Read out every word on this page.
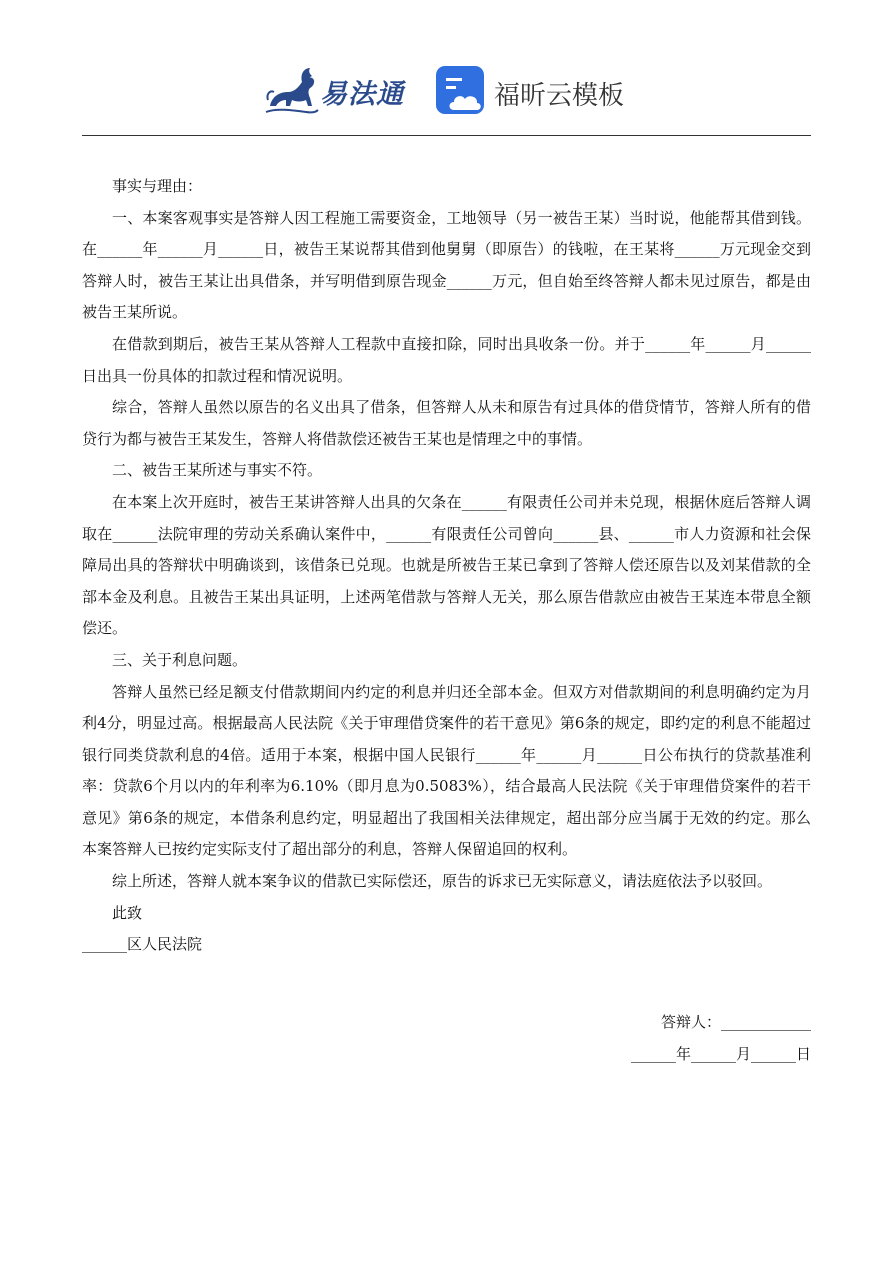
易法通	福昕云模板

事实与理由：

一、本案客观事实是答辩人因工程施工需要资金，工地领导（另一被告王某）当时说，他能帮其借到钱。在______年______月______日，被告王某说帮其借到他舅舅（即原告）的钱啦，在王某将______万元现金交到答辩人时，被告王某让出具借条，并写明借到原告现金______万元，但自始至终答辩人都未见过原告，都是由被告王某所说。

在借款到期后，被告王某从答辩人工程款中直接扣除，同时出具收条一份。并于______年______月______日出具一份具体的扣款过程和情况说明。

综合，答辩人虽然以原告的名义出具了借条，但答辩人从未和原告有过具体的借贷情节，答辩人所有的借贷行为都与被告王某发生，答辩人将借款偿还被告王某也是情理之中的事情。

二、被告王某所述与事实不符。

在本案上次开庭时，被告王某讲答辩人出具的欠条在______有限责任公司并未兑现，根据休庭后答辩人调取在______法院审理的劳动关系确认案件中，______有限责任公司曾向______县、______市人力资源和社会保障局出具的答辩状中明确谈到，该借条已兑现。也就是所被告王某已拿到了答辩人偿还原告以及刘某借款的全部本金及利息。且被告王某出具证明，上述两笔借款与答辩人无关，那么原告借款应由被告王某连本带息全额偿还。

三、关于利息问题。

答辩人虽然已经足额支付借款期间内约定的利息并归还全部本金。但双方对借款期间的利息明确约定为月利4分，明显过高。根据最高人民法院《关于审理借贷案件的若干意见》第6条的规定，即约定的利息不能超过银行同类贷款利息的4倍。适用于本案，根据中国人民银行______年______月______日公布执行的贷款基准利率：贷款6个月以内的年利率为6.10%（即月息为0.5083%），结合最高人民法院《关于审理借贷案件的若干意见》第6条的规定，本借条利息约定，明显超出了我国相关法律规定，超出部分应当属于无效的约定。那么本案答辩人已按约定实际支付了超出部分的利息，答辩人保留追回的权利。

综上所述，答辩人就本案争议的借款已实际偿还，原告的诉求已无实际意义，请法庭依法予以驳回。

此致

______区人民法院

答辩人：____________
______年______月______日
